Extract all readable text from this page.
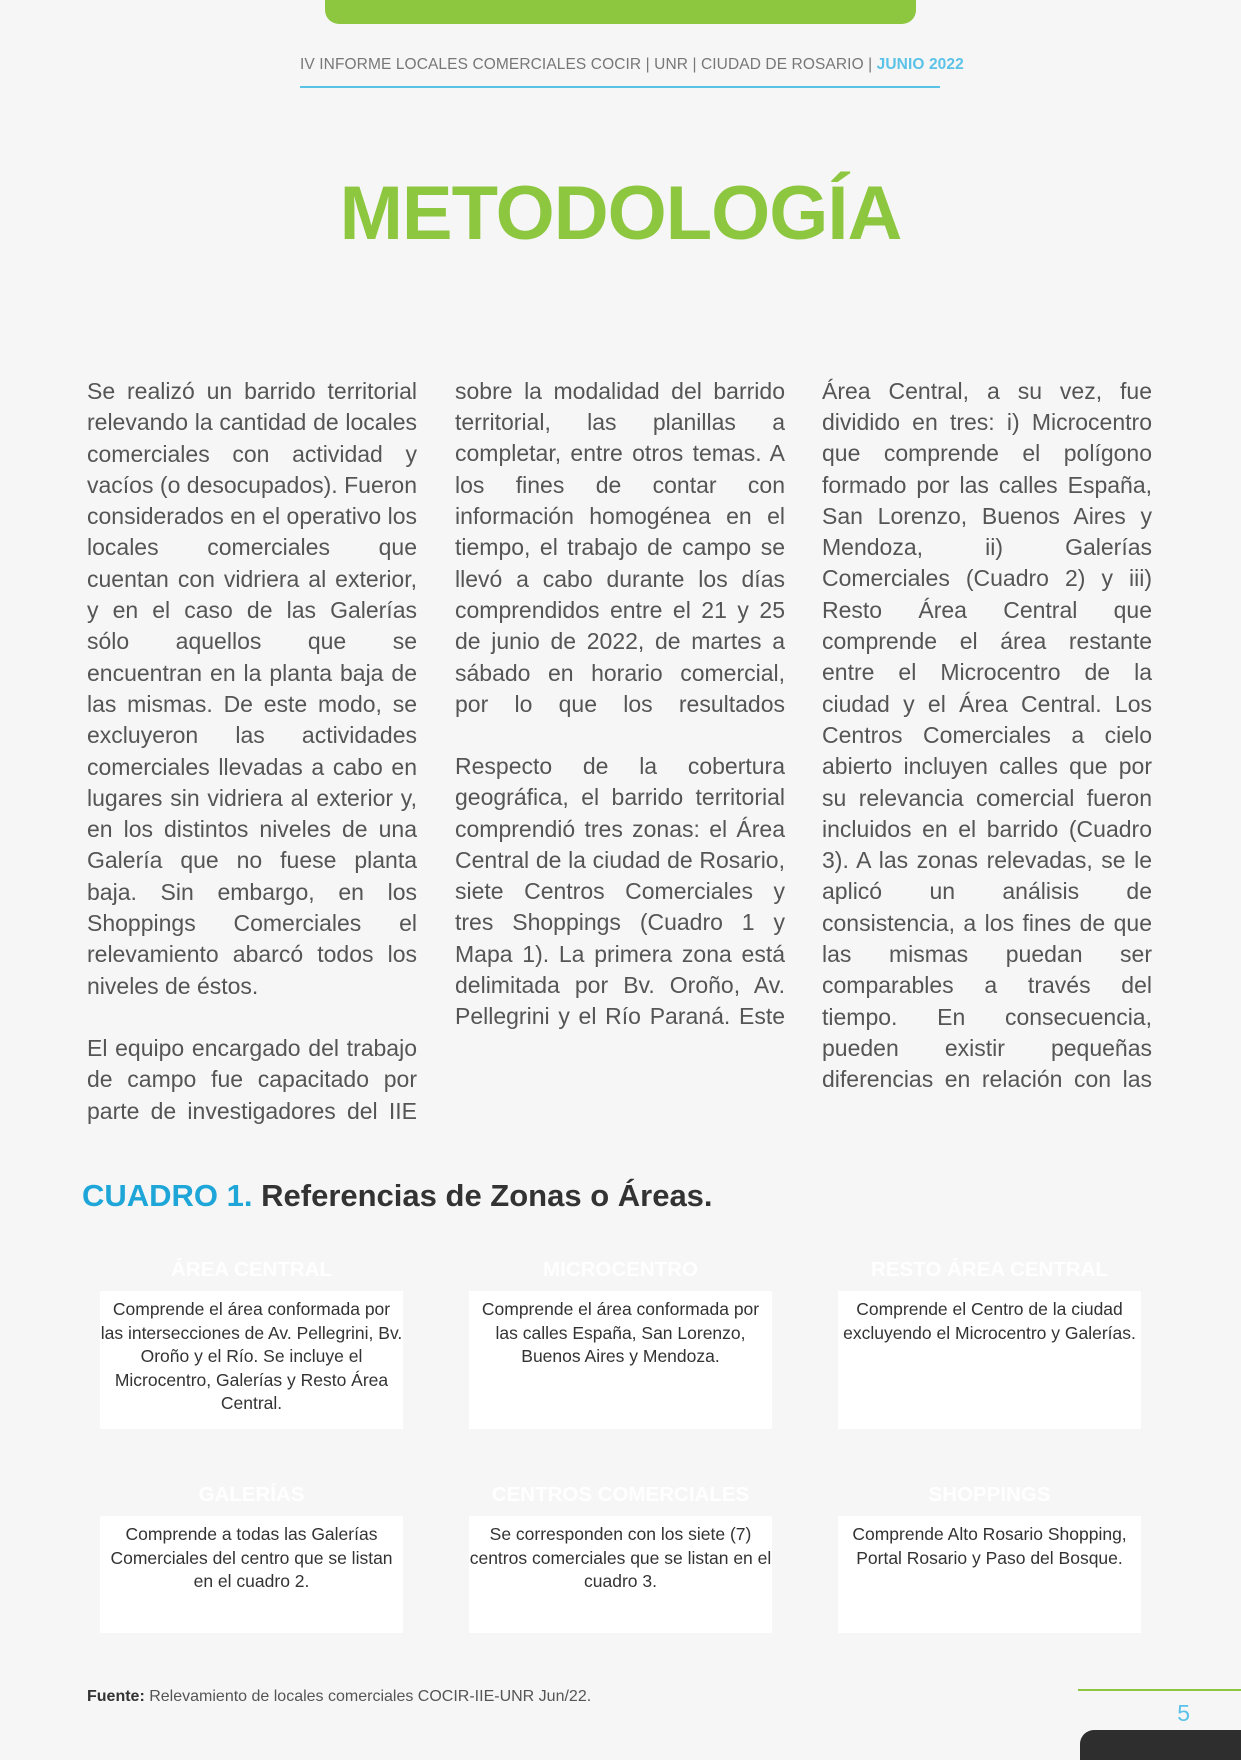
IV INFORME LOCALES COMERCIALES COCIR | UNR | CIUDAD DE ROSARIO | JUNIO 2022
METODOLOGÍA

Se realizó un barrido territorial relevando la cantidad de locales comerciales con actividad y vacíos (o desocupados). Fueron considerados en el operativo los locales comerciales que cuentan con vidriera al exterior, y en el caso de las Galerías sólo aquellos que se encuentran en la planta baja de las mismas. De este modo, se excluyeron las actividades comerciales llevadas a cabo en lugares sin vidriera al exterior y, en los distintos niveles de una Galería que no fuese planta baja. Sin embargo, en los Shoppings Comerciales el relevamiento abarcó todos los niveles de éstos.

El equipo encargado del trabajo de campo fue capacitado por parte de investigadores del IIE

sobre la modalidad del barrido territorial, las planillas a completar, entre otros temas. A los fines de contar con información homogénea en el tiempo, el trabajo de campo se llevó a cabo durante los días comprendidos entre el 21 y 25 de junio de 2022, de martes a sábado en horario comercial, por lo que los resultados
Respecto de la cobertura geográfica, el barrido territorial comprendió tres zonas: el Área Central de la ciudad de Rosario, siete Centros Comerciales y tres Shoppings (Cuadro 1 y Mapa 1). La primera zona está delimitada por Bv. Oroño, Av. Pellegrini y el Río Paraná. Este
CUADRO 1. Referencias de Zonas o Áreas.
ÁREA CENTRAL
Comprende el área conformada por las intersecciones de Av. Pellegrini, Bv. Oroño y el Río. Se incluye el Microcentro, Galerías y Resto Área Central.
MICROCENTRO
Comprende el área conformada por las calles España, San Lorenzo, Buenos Aires y Mendoza.
RESTO ÁREA CENTRAL
Comprende el Centro de la ciudad excluyendo el Microcentro y Galerías.
GALERÍAS
Comprende a todas las Galerías Comerciales del centro que se listan en el cuadro 2.
CENTROS COMERCIALES
Se corresponden con los siete (7) centros comerciales que se listan en el cuadro 3.
SHOPPINGS
Comprende Alto Rosario Shopping, Portal Rosario y Paso del Bosque.
Fuente: Relevamiento de locales comerciales COCIR-IIE-UNR Jun/22.
5
Área Central, a su vez, fue dividido en tres: i) Microcentro que comprende el polígono formado por las calles España, San Lorenzo, Buenos Aires y Mendoza, ii) Galerías Comerciales (Cuadro 2) y iii) Resto Área Central que comprende el área restante entre el Microcentro de la ciudad y el Área Central. Los Centros Comerciales a cielo abierto incluyen calles que por su relevancia comercial fueron incluidos en el barrido (Cuadro 3). A las zonas relevadas, se le aplicó un análisis de consistencia, a los fines de que las mismas puedan ser comparables a través del tiempo. En consecuencia, pueden existir pequeñas diferencias en relación con las
